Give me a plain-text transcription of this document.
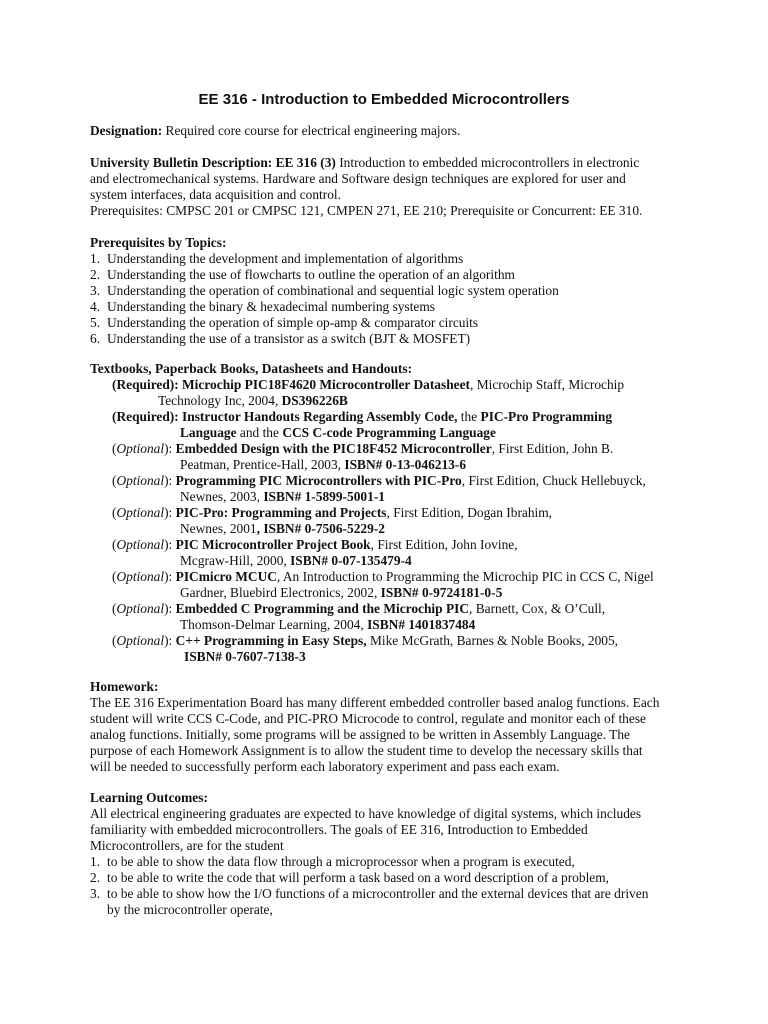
EE 316 - Introduction to Embedded Microcontrollers
Designation: Required core course for electrical engineering majors.
University Bulletin Description: EE 316 (3) Introduction to embedded microcontrollers in electronic
and electromechanical systems. Hardware and Software design techniques are explored for user and
system interfaces, data acquisition and control.
Prerequisites: CMPSC 201 or CMPSC 121, CMPEN 271, EE 210; Prerequisite or Concurrent: EE 310.
Prerequisites by Topics:
1. Understanding the development and implementation of algorithms
2. Understanding the use of flowcharts to outline the operation of an algorithm
3. Understanding the operation of combinational and sequential logic system operation
4. Understanding the binary & hexadecimal numbering systems
5. Understanding the operation of simple op-amp & comparator circuits
6. Understanding the use of a transistor as a switch (BJT & MOSFET)
Textbooks, Paperback Books, Datasheets and Handouts:
(Required): Microchip PIC18F4620 Microcontroller Datasheet, Microchip Staff, Microchip
Technology Inc, 2004, DS396226B
(Required): Instructor Handouts Regarding Assembly Code, the PIC-Pro Programming
Language and the CCS C-code Programming Language
(Optional): Embedded Design with the PIC18F452 Microcontroller, First Edition, John B.
Peatman, Prentice-Hall, 2003, ISBN# 0-13-046213-6
(Optional): Programming PIC Microcontrollers with PIC-Pro, First Edition, Chuck Hellebuyck,
Newnes, 2003, ISBN# 1-5899-5001-1
(Optional): PIC-Pro: Programming and Projects, First Edition, Dogan Ibrahim,
Newnes, 2001, ISBN# 0-7506-5229-2
(Optional): PIC Microcontroller Project Book, First Edition, John Iovine,
Mcgraw-Hill, 2000, ISBN# 0-07-135479-4
(Optional): PICmicro MCUC, An Introduction to Programming the Microchip PIC in CCS C, Nigel
Gardner, Bluebird Electronics, 2002, ISBN# 0-9724181-0-5
(Optional): Embedded C Programming and the Microchip PIC, Barnett, Cox, & O’Cull,
Thomson-Delmar Learning, 2004, ISBN# 1401837484
(Optional): C++ Programming in Easy Steps, Mike McGrath, Barnes & Noble Books, 2005,
ISBN# 0-7607-7138-3
Homework:
The EE 316 Experimentation Board has many different embedded controller based analog functions. Each
student will write CCS C-Code, and PIC-PRO Microcode to control, regulate and monitor each of these
analog functions. Initially, some programs will be assigned to be written in Assembly Language. The
purpose of each Homework Assignment is to allow the student time to develop the necessary skills that
will be needed to successfully perform each laboratory experiment and pass each exam.
Learning Outcomes:
All electrical engineering graduates are expected to have knowledge of digital systems, which includes
familiarity with embedded microcontrollers. The goals of EE 316, Introduction to Embedded
Microcontrollers, are for the student
1. to be able to show the data flow through a microprocessor when a program is executed,
2. to be able to write the code that will perform a task based on a word description of a problem,
3. to be able to show how the I/O functions of a microcontroller and the external devices that are driven
by the microcontroller operate,
